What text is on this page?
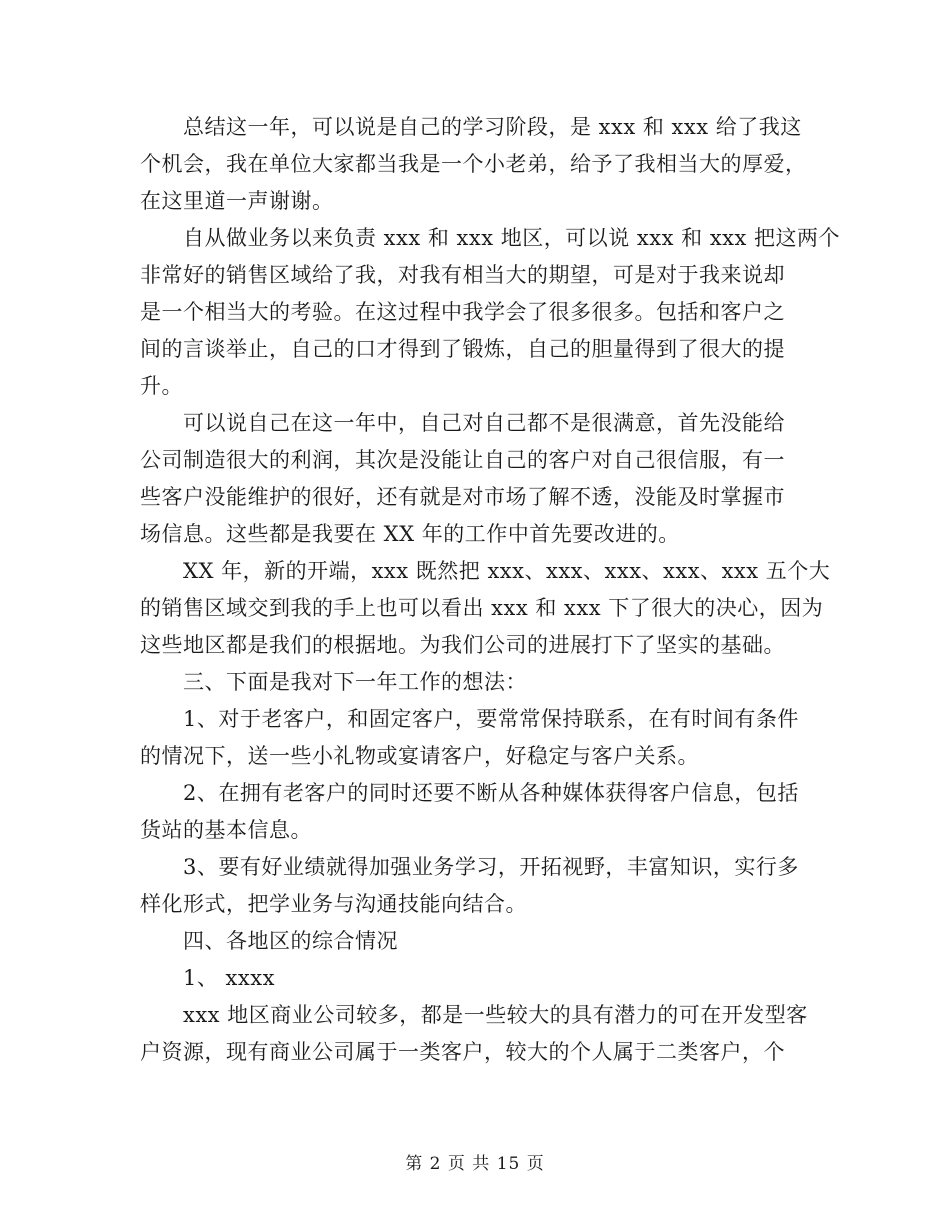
　　总结这一年，可以说是自己的学习阶段，是 xxx 和 xxx 给了我这
个机会，我在单位大家都当我是一个小老弟，给予了我相当大的厚爱，
在这里道一声谢谢。
　　自从做业务以来负责 xxx 和 xxx 地区，可以说 xxx 和 xxx 把这两个
非常好的销售区域给了我，对我有相当大的期望，可是对于我来说却
是一个相当大的考验。在这过程中我学会了很多很多。包括和客户之
间的言谈举止，自己的口才得到了锻炼，自己的胆量得到了很大的提
升。
　　可以说自己在这一年中，自己对自己都不是很满意，首先没能给
公司制造很大的利润，其次是没能让自己的客户对自己很信服，有一
些客户没能维护的很好，还有就是对市场了解不透，没能及时掌握市
场信息。这些都是我要在 XX 年的工作中首先要改进的。
　　XX 年，新的开端，xxx 既然把 xxx、xxx、xxx、xxx、xxx 五个大
的销售区域交到我的手上也可以看出 xxx 和 xxx 下了很大的决心，因为
这些地区都是我们的根据地。为我们公司的进展打下了坚实的基础。
　　三、下面是我对下一年工作的想法：
　　1、对于老客户，和固定客户，要常常保持联系，在有时间有条件
的情况下，送一些小礼物或宴请客户，好稳定与客户关系。
　　2、在拥有老客户的同时还要不断从各种媒体获得客户信息，包括
货站的基本信息。
　　3、要有好业绩就得加强业务学习，开拓视野，丰富知识，实行多
样化形式，把学业务与沟通技能向结合。
　　四、各地区的综合情况
　　1、 xxxx
　　xxx 地区商业公司较多，都是一些较大的具有潜力的可在开发型客
户资源，现有商业公司属于一类客户，较大的个人属于二类客户，个
第 2 页 共 15 页
